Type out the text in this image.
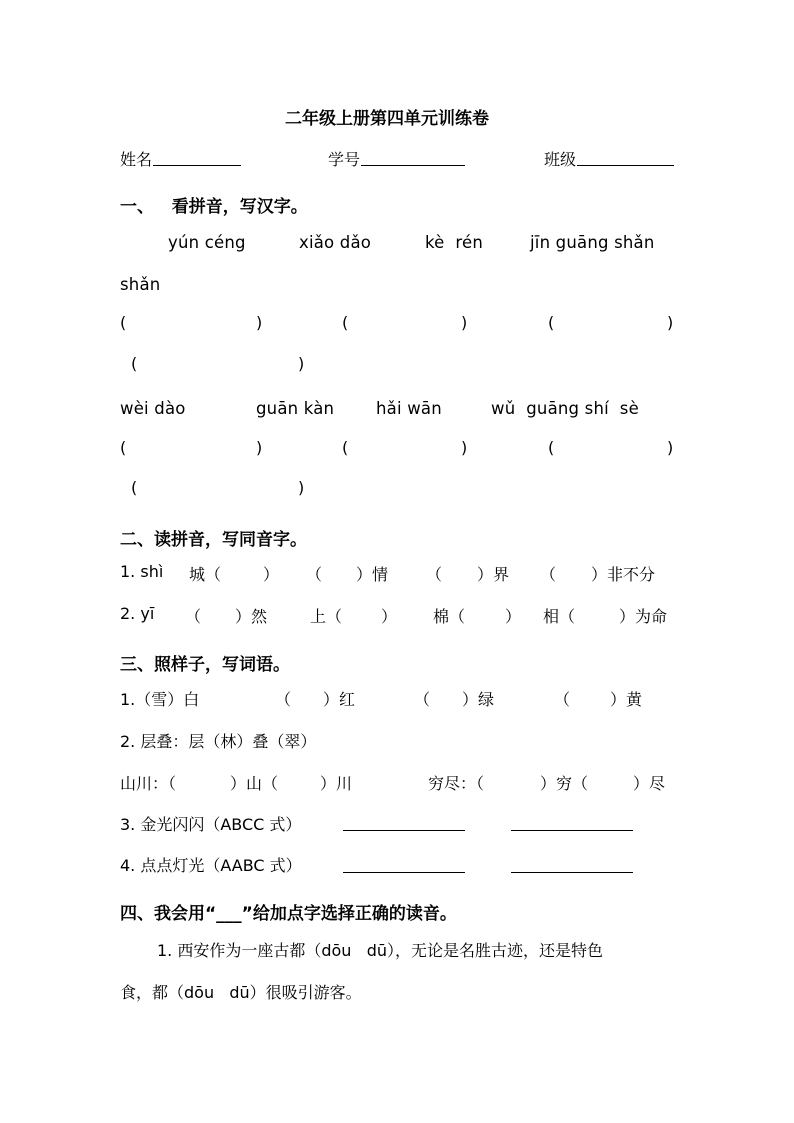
二年级上册第四单元训练卷
姓名	学号	班级
一、   看拼音，写汉字。
yún céng	xiǎo dǎo	kè  rén	jīn guāng shǎn
shǎn
(	)	(	)	(	)
(	)
wèi dào	guān kàn	hǎi wān	wǔ  guāng shí  sè
(	)	(	)	(	)
(	)
二、读拼音，写同音字。
1. shì 城（	） （ ）情 （ ）界 （ ）非不分
2. yī （ ）然	上（ ） 棉（ ） 相（	）为命
三、照样子，写词语。
1.（雪）白	（ ）红	（ ）绿	（ ）黄
2. 层叠：层（林）叠（翠）
山川：（	）山（	）川	穷尽：（	）穷（	）尽
3. 金光闪闪（ABCC 式）
4. 点点灯光（AABC 式）
四、我会用“___”给加点字选择正确的读音。
1. 西安作为一座古都（dōu   dū），无论是名胜古迹，还是特色
食，都（dōu   dū）很吸引游客。
